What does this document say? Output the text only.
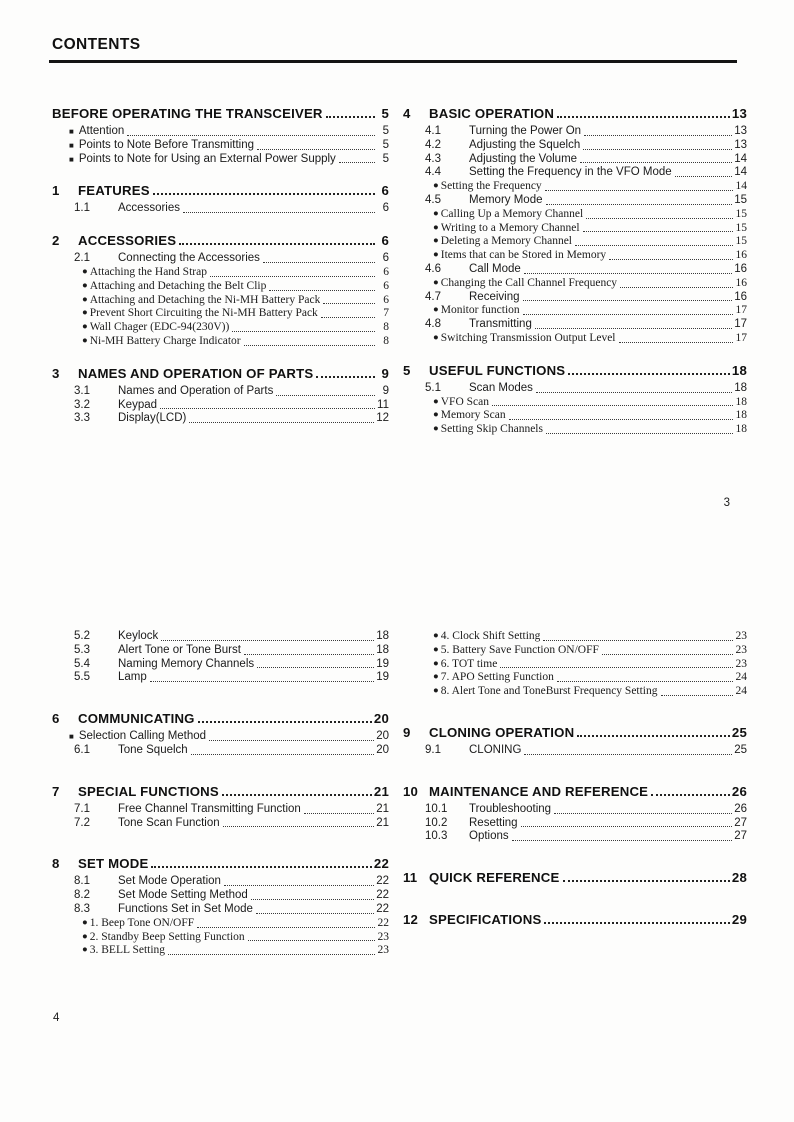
CONTENTS
BEFORE OPERATING THE TRANSCEIVER	5
■ Attention	5
■ Points to Note Before Transmitting	5
■ Points to Note for Using an External Power Supply	5
1	FEATURES	6
1.1	Accessories	6
2	ACCESSORIES	6
2.1	Connecting the Accessories	6
● Attaching the Hand Strap	6
● Attaching and Detaching the Belt Clip	6
● Attaching and Detaching the Ni-MH Battery Pack	6
● Prevent Short Circuiting the Ni-MH Battery Pack	7
● Wall Chager (EDC-94(230V))	8
● Ni-MH Battery Charge Indicator	8
3	NAMES AND OPERATION OF PARTS	9
3.1	Names and Operation of Parts	9
3.2	Keypad	11
3.3	Display(LCD)	12
4	BASIC OPERATION	13
4.1	Turning the Power On	13
4.2	Adjusting the Squelch	13
4.3	Adjusting the Volume	14
4.4	Setting the Frequency in the VFO Mode	14
● Setting the Frequency	14
4.5	Memory Mode	15
● Calling Up a Memory Channel	15
● Writing to a Memory Channel	15
● Deleting a Memory Channel	15
● Items that can be Stored in Memory	16
4.6	Call Mode	16
● Changing the Call Channel Frequency	16
4.7	Receiving	16
● Monitor function	17
4.8	Transmitting	17
● Switching Transmission Output Level	17
5	USEFUL FUNCTIONS	18
5.1	Scan Modes	18
● VFO Scan	18
● Memory Scan	18
● Setting Skip Channels	18
3
5.2	Keylock	18
5.3	Alert Tone or Tone Burst	18
5.4	Naming Memory Channels	19
5.5	Lamp	19
6	COMMUNICATING	20
■ Selection Calling Method	20
6.1	Tone Squelch	20
7	SPECIAL FUNCTIONS	21
7.1	Free Channel Transmitting Function	21
7.2	Tone Scan Function	21
8	SET MODE	22
8.1	Set Mode Operation	22
8.2	Set Mode Setting Method	22
8.3	Functions Set in Set Mode	22
● 1. Beep Tone ON/OFF	22
● 2. Standby Beep Setting Function	23
● 3. BELL Setting	23
● 4. Clock Shift Setting	23
● 5. Battery Save Function ON/OFF	23
● 6. TOT time	23
● 7. APO Setting Function	24
● 8. Alert Tone and ToneBurst Frequency Setting	24
9	CLONING OPERATION	25
9.1	CLONING	25
10 MAINTENANCE AND REFERENCE	26
10.1	Troubleshooting	26
10.2	Resetting	27
10.3	Options	27
11 QUICK REFERENCE	28
12 SPECIFICATIONS	29
4
